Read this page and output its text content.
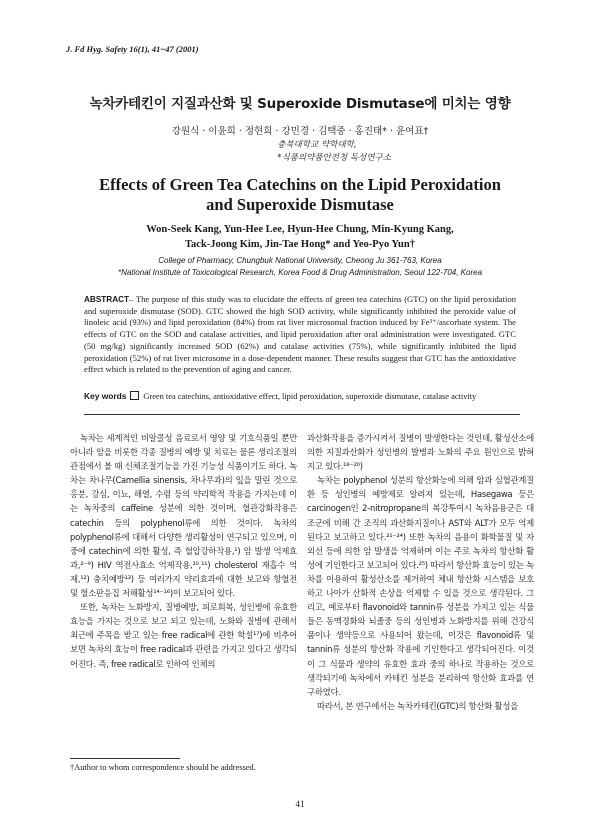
J. Fd Hyg. Safety 16(1), 41~47 (2001)
녹차카테킨이 지질과산화 및 Superoxide Dismutase에 미치는 영향
강원식 · 이윤희 · 정현희 · 강민경 · 김택중 · 홍진태* · 윤여표†
충북대학교 약학대학,
*식품의약품안전청 독성연구소
Effects of Green Tea Catechins on the Lipid Peroxidation
and Superoxide Dismutase
Won-Seek Kang, Yun-Hee Lee, Hyun-Hee Chung, Min-Kyung Kang,
Tack-Joong Kim, Jin-Tae Hong* and Yeo-Pyo Yun†
College of Pharmacy, Chungbuk National University, Cheong Ju 361-763, Korea
*National Institute of Toxicological Research, Korea Food & Drug Administration, Seoul 122-704, Korea
ABSTRACT– The purpose of this study was to elucidate the effects of green tea catechins (GTC) on the lipid peroxidation and superoxide dismutase (SOD). GTC showed the high SOD activity, while significantly inhibited the peroxide value of linoleic acid (93%) and lipid peroxidation (84%) from rat liver microsomal fraction induced by Fe³⁺/ascorbate system. The effects of GTC on the SOD and catalase activities, and lipid peroxidation after oral administration were investigated. GTC (50 mg/kg) significantly increased SOD (62%) and catalase activities (75%), while significantly inhibited the lipid peroxidation (52%) of rat liver microsome in a dose-dependent manner. These results suggest that GTC has the antioxidative effect which is related to the prevention of aging and cancer.
Key words Green tea catechins, antioxidative effect, lipid peroxidation, superoxide dismutase, catalase activity

녹차는 세계적인 비알콜성 음료로서 영양 및 기호식품일 뿐만 아니라 암을 비롯한 각종 질병의 예방 및 치료는 물론 생리조절의 관점에서 볼 때 신체조절기능을 가진 기능성 식품이기도 하다. 녹차는 차나무(Camellia sinensis, 차나무과)의 잎을 말린 것으로 홍분, 강심, 이뇨, 해열, 수렴 등의 약리학적 작용을 가지는데 이는 녹차중의 caffeine 성분에 의한 것이며, 혈관강화작용은 catechin 등의 polyphenol류에 의한 것이다. 녹차의 polyphenol류에 대해서 다양한 생리활성이 연구되고 있으며, 이중에 catechin에 의한 활성, 즉 혈압강하작용,¹) 암 발생 억제효과,²⁻⁹) HIV 역전사효소 억제작용,¹⁰,¹¹) cholesterol 재흡수 억제,¹²) 충치예방¹³) 등 여러가지 약리효과에 대한 보고와 항혈전 및 혈소판응집 저해활성¹⁴⁻¹⁶)이 보고되어 있다.

또한, 녹차는 노화방지, 질병예방, 피로회복, 성인병에 유효한 효능을 가지는 것으로 보고 되고 있는데, 노화와 질병에 관해서 최근에 주목을 받고 있는 free radical에 관한 학설¹⁷)에 비추어보면 녹차의 효능이 free radical과 관련을 가지고 있다고 생각되어진다. 즉, free radical로 인하여 인체의

과산화작용을 증가시켜서 질병이 발생한다는 것인데, 활성산소에 의한 지질과산화가 성인병의 발병과 노화의 주요 원인으로 밝혀지고 있다.¹⁸⁻²⁰)

녹차는 polyphenol 성분의 항산화능에 의해 암과 심혈관계질환 등 성인병의 예방제로 알려져 있는데, Hasegawa 등은 carcinogen인 2-nitropropane의 복강투여시 녹차음용군은 대조군에 비해 간 조직의 과산화지질이나 AST와 ALT가 모두 억제된다고 보고하고 있다.²¹⁻²⁴) 또한 녹차의 음용이 화학물질 및 자외선 등에 의한 암 발생을 억제하며 이는 주로 녹차의 항산화 활성에 기인한다고 보고되어 있다.²⁵) 따라서 항산화 효능이 있는 녹차를 이용하여 활성산소를 제거하여 체내 항산화 시스템을 보호하고 나아가 산화적 손상을 억제할 수 있을 것으로 생각된다. 그리고, 예로부터 flavonoid와 tannin류 성분을 가지고 있는 식물들은 동맥경화와 뇌졸중 등의 성인병과 노화방지를 위해 건강식품이나 생약등으로 사용되어 왔는데, 이것은 flavonoid류 및 tannin류 성분의 항산화 작용에 기인한다고 생각되어진다. 이것이 그 식물과 생약의 유효한 효과 중의 하나로 작용하는 것으로 생각되기에 녹차에서 카테킨 성분을 분리하여 항산화 효과를 연구하였다.

따라서, 본 연구에서는 녹차카테킨(GTC)의 항산화 활성을

†Author to whom correspondence should be addressed.
41
